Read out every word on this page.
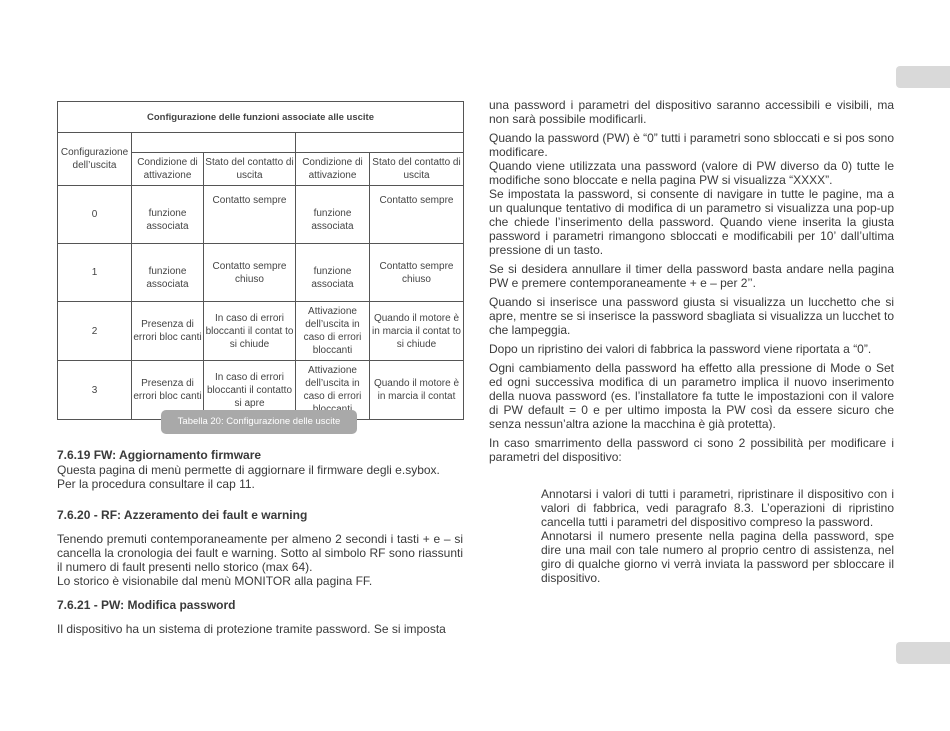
Configurazione delle funzioni associate alle uscite				
Configurazione dell’uscita				
	Condizione di attivazione	Stato del contatto di uscita	Condizione di attivazione	Stato del contatto di uscita
0	funzione associata	Contatto sempre	funzione associata	Contatto sempre
1	funzione associata	Contatto sempre chiuso	funzione associata	Contatto sempre chiuso
2	Presenza di errori bloc canti	In caso di errori bloccanti il contat to si chiude	Attivazione dell’uscita in caso di errori bloccanti	Quando il motore è in marcia il contat to si chiude
3	Presenza di errori bloc canti	In caso di errori bloccanti il contatto si apre	Attivazione dell’uscita in caso di errori	Quando il motore è in marcia il contat
Tabella 20: Configurazione delle uscite
7.6.19 FW: Aggiornamento firmware

Questa pagina di menù permette di aggiornare il firmware degli e.sybox.

Per la procedura consultare il cap 11.

7.6.20 - RF: Azzeramento dei fault e warning

Tenendo premuti contemporaneamente per almeno 2 secondi i tasti + e – si cancella la cronologia dei fault e warning. Sotto al simbolo RF sono riassunti il numero di fault presenti nello storico (max 64).

Lo storico è visionabile dal menù MONITOR alla pagina FF.

7.6.21 - PW: Modifica password
Il dispositivo ha un sistema di protezione tramite password. Se si imposta

una password i parametri del dispositivo saranno accessibili e visibili, ma non sarà possibile modificarli.

Quando la password (PW) è “0” tutti i parametri sono sbloccati e si pos sono modificare.

Quando viene utilizzata una password (valore di PW diverso da 0) tutte le modifiche sono bloccate e nella pagina PW si visualizza “XXXX”.

Se impostata la password, si consente di navigare in tutte le pagine, ma a un qualunque tentativo di modifica di un parametro si visualizza una pop-up che chiede l’inserimento della password. Quando viene inserita la giusta password i parametri rimangono sbloccati e modificabili per 10’ dall’ultima pressione di un tasto.

Se si desidera annullare il timer della password basta andare nella pagina PW e premere contemporaneamente + e – per 2’’.

Quando si inserisce una password giusta si visualizza un lucchetto che si apre, mentre se si inserisce la password sbagliata si visualizza un lucchet to che lampeggia.

Dopo un ripristino dei valori di fabbrica la password viene riportata a “0”.

Ogni cambiamento della password ha effetto alla pressione di Mode o Set ed ogni successiva modifica di un parametro implica il nuovo inserimento della nuova password (es. l’installatore fa tutte le impostazioni con il valore di PW default = 0 e per ultimo imposta la PW così da essere sicuro che senza nessun’altra azione la macchina è già protetta).

In caso smarrimento della password ci sono 2 possibilità per modificare i parametri del dispositivo:

Annotarsi i valori di tutti i parametri, ripristinare il dispositivo con i valori di fabbrica, vedi paragrafo 8.3. L’operazioni di ripristino cancella tutti i parametri del dispositivo compreso la password.

Annotarsi il numero presente nella pagina della password, spe dire una mail con tale numero al proprio centro di assistenza, nel giro di qualche giorno vi verrà inviata la password per sbloccare il dispositivo.
